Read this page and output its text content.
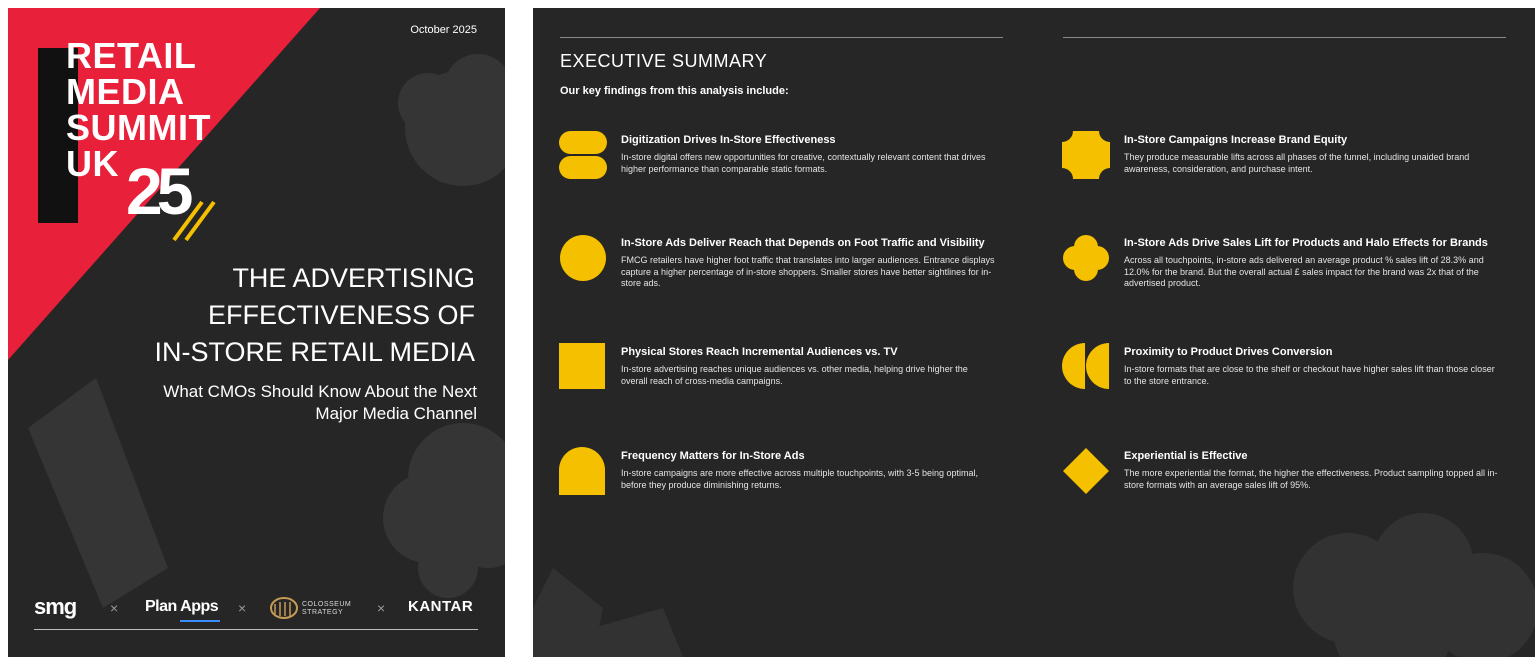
October 2025
RETAIL
MEDIA
SUMMIT
UK 25
THE ADVERTISING
EFFECTIVENESS OF
IN-STORE RETAIL MEDIA
What CMOs Should Know About the Next
Major Media Channel
smg × Plan Apps ×	COLOSSEUM STRATEGY	× KANTAR
EXECUTIVE SUMMARY
Our key findings from this analysis include:
Digitization Drives In-Store Effectiveness
In-store digital offers new opportunities for creative, contextually relevant content that drives higher performance than comparable static formats.
In-Store Ads Deliver Reach that Depends on Foot Traffic and Visibility
FMCG retailers have higher foot traffic that translates into larger audiences. Entrance displays capture a higher percentage of in-store shoppers. Smaller stores have better sightlines for in-store ads.
Physical Stores Reach Incremental Audiences vs. TV
In-store advertising reaches unique audiences vs. other media, helping drive higher the overall reach of cross-media campaigns.
Frequency Matters for In-Store Ads
In-store campaigns are more effective across multiple touchpoints, with 3-5 being optimal, before they produce diminishing returns.
In-Store Campaigns Increase Brand Equity
They produce measurable lifts across all phases of the funnel, including unaided brand awareness, consideration, and purchase intent.
In-Store Ads Drive Sales Lift for Products and Halo Effects for Brands
Across all touchpoints, in-store ads delivered an average product % sales lift of 28.3% and 12.0% for the brand. But the overall actual £ sales impact for the brand was 2x that of the advertised product.
Proximity to Product Drives Conversion
In-store formats that are close to the shelf or checkout have higher sales lift than those closer to the store entrance.
Experiential is Effective
The more experiential the format, the higher the effectiveness. Product sampling topped all in-store formats with an average sales lift of 95%.
